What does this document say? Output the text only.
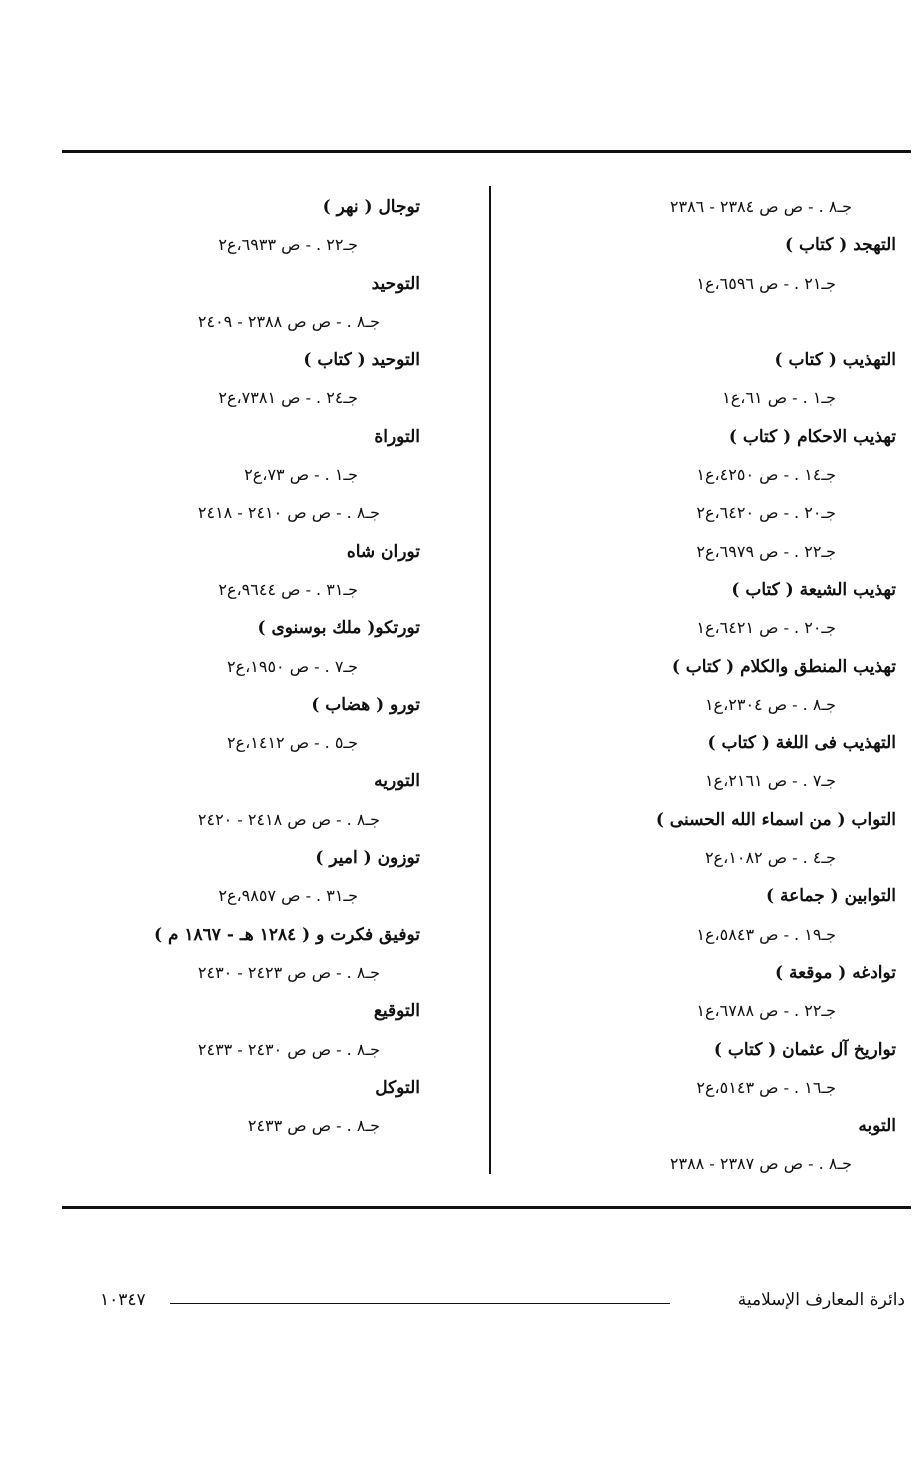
جـ٨ . - ص ص ٢٣٨٤ - ٢٣٨٦
التهجد ( كتاب )
جـ٢١ . - ص ٦٥٩٦،ع١
التهذيب ( كتاب )
جـ١ . - ص ٦١،ع١
تهذيب الاحكام ( كتاب )
جـ١٤ . - ص ٤٢٥٠،ع١
جـ٢٠ . - ص ٦٤٢٠،ع٢
جـ٢٢ . - ص ٦٩٧٩،ع٢
تهذيب الشيعة ( كتاب )
جـ٢٠ . - ص ٦٤٢١،ع١
تهذيب المنطق والكلام ( كتاب )
جـ٨ . - ص ٢٣٠٤،ع١
التهذيب فى اللغة ( كتاب )
جـ٧ . - ص ٢١٦١،ع١
التواب ( من اسماء الله الحسنى )
جـ٤ . - ص ١٠٨٢،ع٢
التوابين ( جماعة )
جـ١٩ . - ص ٥٨٤٣،ع١
توادغه ( موقعة )
جـ٢٢ . - ص ٦٧٨٨،ع١
تواريخ آل عثمان ( كتاب )
جـ١٦ . - ص ٥١٤٣،ع٢
التوبه
جـ٨ . - ص ص ٢٣٨٧ - ٢٣٨٨
توجال ( نهر )
جـ٢٢ . - ص ٦٩٣٣،ع٢
التوحيد
جـ٨ . - ص ص ٢٣٨٨ - ٢٤٠٩
التوحيد ( كتاب )
جـ٢٤ . - ص ٧٣٨١،ع٢
التوراة
جـ١ . - ص ٧٣،ع٢
جـ٨ . - ص ص ٢٤١٠ - ٢٤١٨
توران شاه
جـ٣١ . - ص ٩٦٤٤،ع٢
تورتكو( ملك بوسنوى )
جـ٧ . - ص ١٩٥٠،ع٢
تورو ( هضاب )
جـ٥ . - ص ١٤١٢،ع٢
التوريه
جـ٨ . - ص ص ٢٤١٨ - ٢٤٢٠
توزون ( امير )
جـ٣١ . - ص ٩٨٥٧،ع٢
توفيق فكرت و ( ١٢٨٤ هـ - ١٨٦٧ م )
جـ٨ . - ص ص ٢٤٢٣ - ٢٤٣٠
التوقيع
جـ٨ . - ص ص ٢٤٣٠ - ٢٤٣٣
التوكل
جـ٨ . - ص ص ٢٤٣٣
دائرة المعارف الإسلامية
١٠٣٤٧
